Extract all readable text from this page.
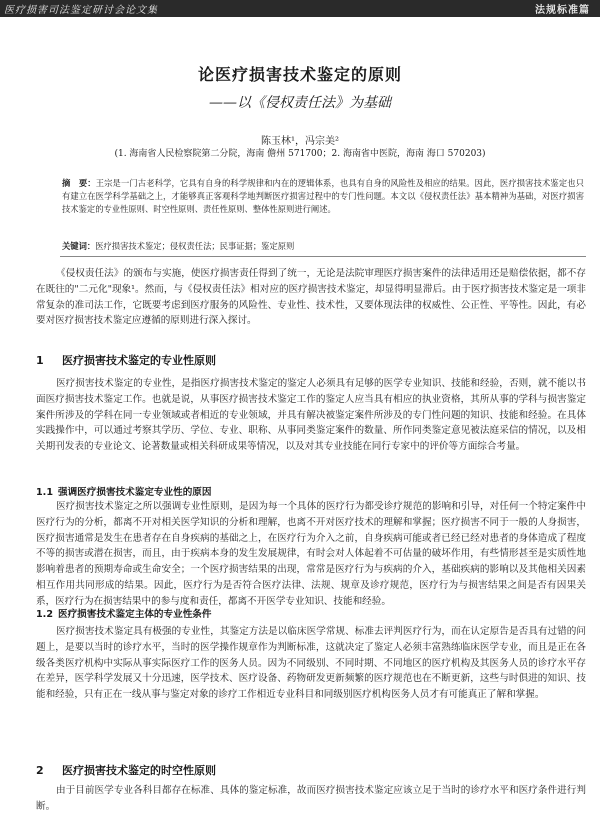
医疗损害司法鉴定研讨会论文集	法规标准篇
论医疗损害技术鉴定的原则
——以《侵权责任法》为基础
陈玉林¹，冯宗美²
(1. 海南省人民检察院第二分院，海南 儋州 571700；2. 海南省中医院，海南 海口 570203)
摘　要：王宗是一门古老科学，它具有自身的科学规律和内在的逻辑体系，也具有自身的风险性及相应的结果。因此，医疗损害技术鉴定也只有建立在医学科学基础之上，才能够真正客观科学地判断医疗损害过程中的专门性问题。本文以《侵权责任法》基本精神为基础，对医疗损害技术鉴定的专业性原则、时空性原则、责任性原则、整体性原则进行阐述。
关键词：医疗损害技术鉴定；侵权责任法；民事证据；鉴定原则
《侵权责任法》的颁布与实施，使医疗损害责任得到了统一，无论是法院审理医疗损害案件的法律适用还是赔偿依据，都不存在既往的"二元化"现象¹。然而，与《侵权责任法》相对应的医疗损害技术鉴定，却显得明显滞后。由于医疗损害技术鉴定是一项非常复杂的准司法工作，它既要考虑到医疗服务的风险性、专业性、技术性，又要体现法律的权威性、公正性、平等性。因此，有必要对医疗损害技术鉴定应遵循的原则进行深入探讨。
1 医疗损害技术鉴定的专业性原则
医疗损害技术鉴定的专业性，是指医疗损害技术鉴定的鉴定人必须具有足够的医学专业知识、技能和经验，否则，就不能以书面医疗损害技术鉴定工作。也就是说，从事医疗损害技术鉴定工作的鉴定人应当具有相应的执业资格，其所从事的学科与损害鉴定案件所涉及的学科在同一专业领域或者相近的专业领域，并具有解决被鉴定案件所涉及的专门性问题的知识、技能和经验。在具体实践操作中，可以通过考察其学历、学位、专业、职称、从事同类鉴定案件的数量、所作同类鉴定意见被法庭采信的情况，以及相关期刊发表的专业论文、论著数量或相关科研成果等情况，以及对其专业技能在同行专家中的评价等方面综合考量。
1.1 强调医疗损害技术鉴定专业性的原因
医疗损害技术鉴定之所以强调专业性原则，是因为每一个具体的医疗行为都受诊疗规范的影响和引导，对任何一个特定案件中医疗行为的分析，都离不开对相关医学知识的分析和理解，也离不开对医疗技术的理解和掌握；医疗损害不同于一般的人身损害，医疗损害通常是发生在患者存在自身疾病的基础之上，在医疗行为介入之前，自身疾病可能或者已经已经对患者的身体造成了程度不等的损害或潜在损害，而且，由于疾病本身的发生发展规律，有时会对人体起着不可估量的破坏作用，有些情形甚至是实质性地影响着患者的预期寿命或生命安全；一个医疗损害结果的出现，常常是医疗行为与疾病的介入，基础疾病的影响以及其他相关因素相互作用共同形成的结果。因此，医疗行为是否符合医疗法律、法规、规章及诊疗规范，医疗行为与损害结果之间是否有因果关系，医疗行为在损害结果中的参与度和责任，都离不开医学专业知识、技能和经验。
1.2 医疗损害技术鉴定主体的专业性条件
医疗损害技术鉴定具有极强的专业性，其鉴定方法是以临床医学常规、标准去评判医疗行为，而在认定原告是否具有过错的问题上，是要以当时的诊疗水平，当时的医学操作规章作为判断标准，这就决定了鉴定人必须丰富熟练临床医学专业，而且是正在各级各类医疗机构中实际从事实际医疗工作的医务人员。因为不同级别、不同时期、不同地区的医疗机构及其医务人员的诊疗水平存在差异，医学科学发展又十分迅速，医学技术、医疗设备、药物研发更新频繁的医疗规范也在不断更新，这些与时俱进的知识、技能和经验，只有正在一线从事与鉴定对象的诊疗工作相近专业科目和同级别医疗机构医务人员才有可能真正了解和掌握。
2 医疗损害技术鉴定的时空性原则
由于目前医学专业各科目都存在标准、具体的鉴定标准，故而医疗损害技术鉴定应该立足于当时的诊疗水平和医疗条件进行判断。
